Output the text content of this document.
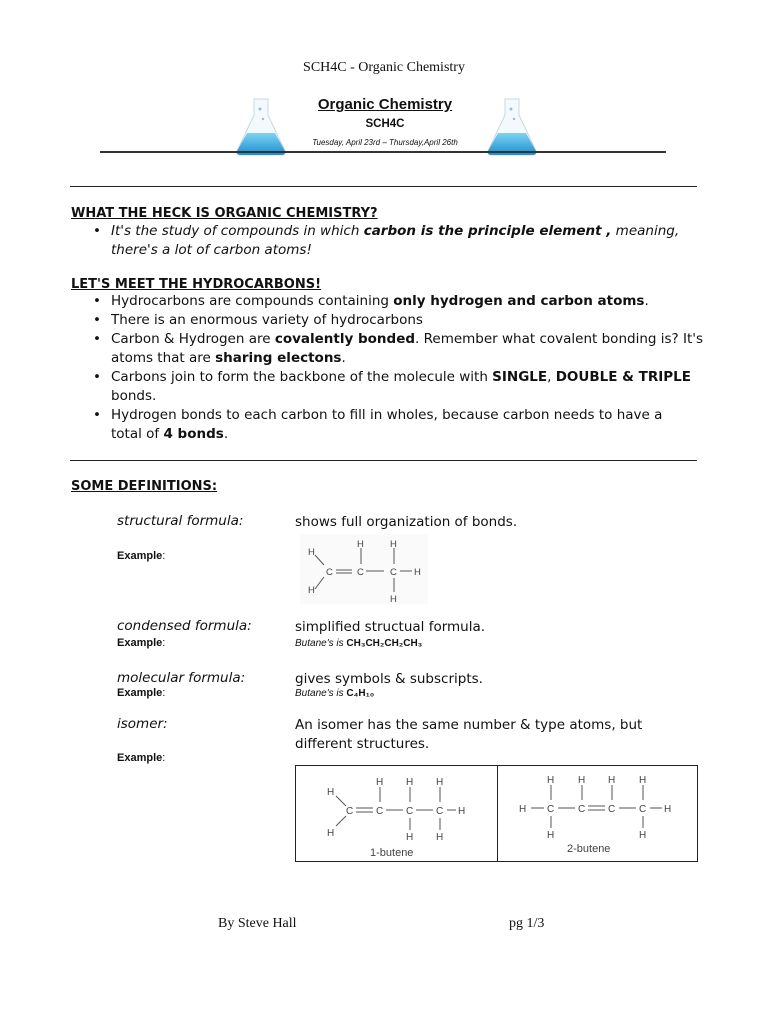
SCH4C - Organic Chemistry
Organic Chemistry
SCH4C
Tuesday, April 23rd – Thursday,April 26th
WHAT THE HECK IS ORGANIC CHEMISTRY?
• It's the study of compounds in which carbon is the principle element , meaning,
there's a lot of carbon atoms!
LET'S MEET THE HYDROCARBONS!
• Hydrocarbons are compounds containing only hydrogen and carbon atoms.
• There is an enormous variety of hydrocarbons
• Carbon & Hydrogen are covalently bonded. Remember what covalent bonding is? It's
atoms that are sharing electons.
• Carbons join to form the backbone of the molecule with SINGLE, DOUBLE & TRIPLE
bonds.
• Hydrogen bonds to each carbon to fill in wholes, because carbon needs to have a
total of 4 bonds.
SOME DEFINITIONS:
structural formula:	shows full organization of bonds.
Example:	H
H
C
H
C
H
C
H
H
condensed formula:	simplified structual formula.
Example:	Butane's is CH₃CH₂CH₂CH₃
molecular formula:	gives symbols & subscripts.
Example:	Butane's is C₄H₁₀
isomer:	An isomer has the same number & type atoms, but
different structures.
Example:
H
H
C
H
C
H
C
H
H
C
H
H
1-butene
H
H
C
H
H
C
H
C
H
C
H
H
2-butene
By Steve Hall	pg 1/3
